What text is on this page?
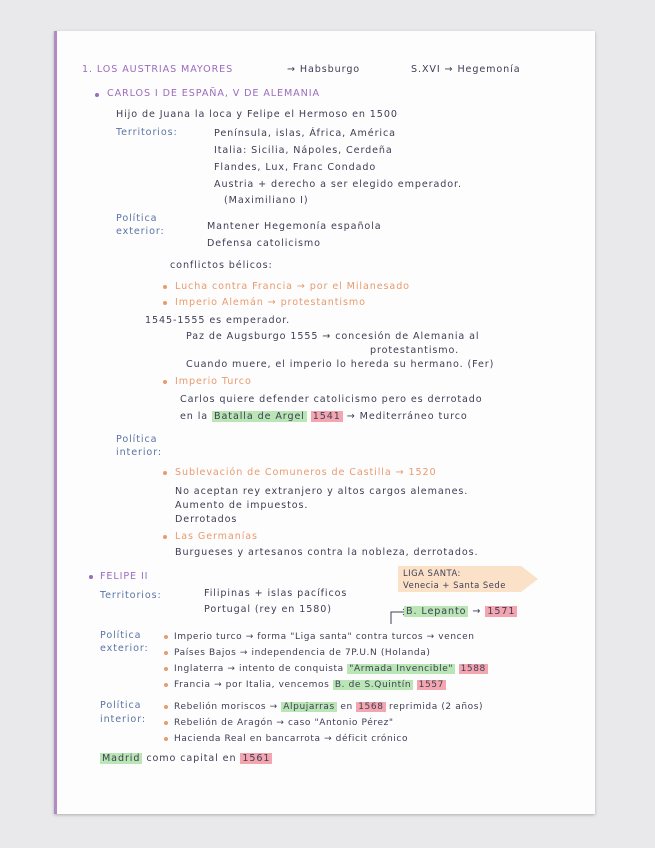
1. LOS AUSTRIAS MAYORES	→ Habsburgo	S.XVI → Hegemonía
CARLOS I DE ESPAÑA, V DE ALEMANIA
Hijo de Juana la loca y Felipe el Hermoso en 1500
Territorios:	Península, islas, África, América
Italia: Sicilia, Nápoles, Cerdeña
Flandes, Lux, Franc Condado
Austria + derecho a ser elegido emperador.
(Maximiliano I)
Política
exterior:	Mantener Hegemonía española
Defensa catolicismo
conflictos bélicos:
Lucha contra Francia → por el Milanesado
Imperio Alemán → protestantismo
1545-1555 es emperador.
Paz de Augsburgo 1555 → concesión de Alemania al
protestantismo.
Cuando muere, el imperio lo hereda su hermano. (Fer)
Imperio Turco
Carlos quiere defender catolicismo pero es derrotado
en la Batalla de Argel 1541 → Mediterráneo turco
Política
interior:
Sublevación de Comuneros de Castilla → 1520
No aceptan rey extranjero y altos cargos alemanes.
Aumento de impuestos.
Derrotados
Las Germanías
Burgueses y artesanos contra la nobleza, derrotados.
FELIPE II	LIGA SANTA:
Venecia + Santa Sede
Territorios:	Filipinas + islas pacíficos
Portugal (rey en 1580)	B. Lepanto → 1571
Política
exterior:
Imperio turco → forma "Liga santa" contra turcos → vencen
Países Bajos → independencia de 7P.U.N (Holanda)
Inglaterra → intento de conquista "Armada Invencible" 1588
Francia → por Italia, vencemos B. de S.Quintín 1557
Política
interior:
Rebelión moriscos → Alpujarras en 1568 reprimida (2 años)
Rebelión de Aragón → caso "Antonio Pérez"
Hacienda Real en bancarrota → déficit crónico
Madrid como capital en 1561
